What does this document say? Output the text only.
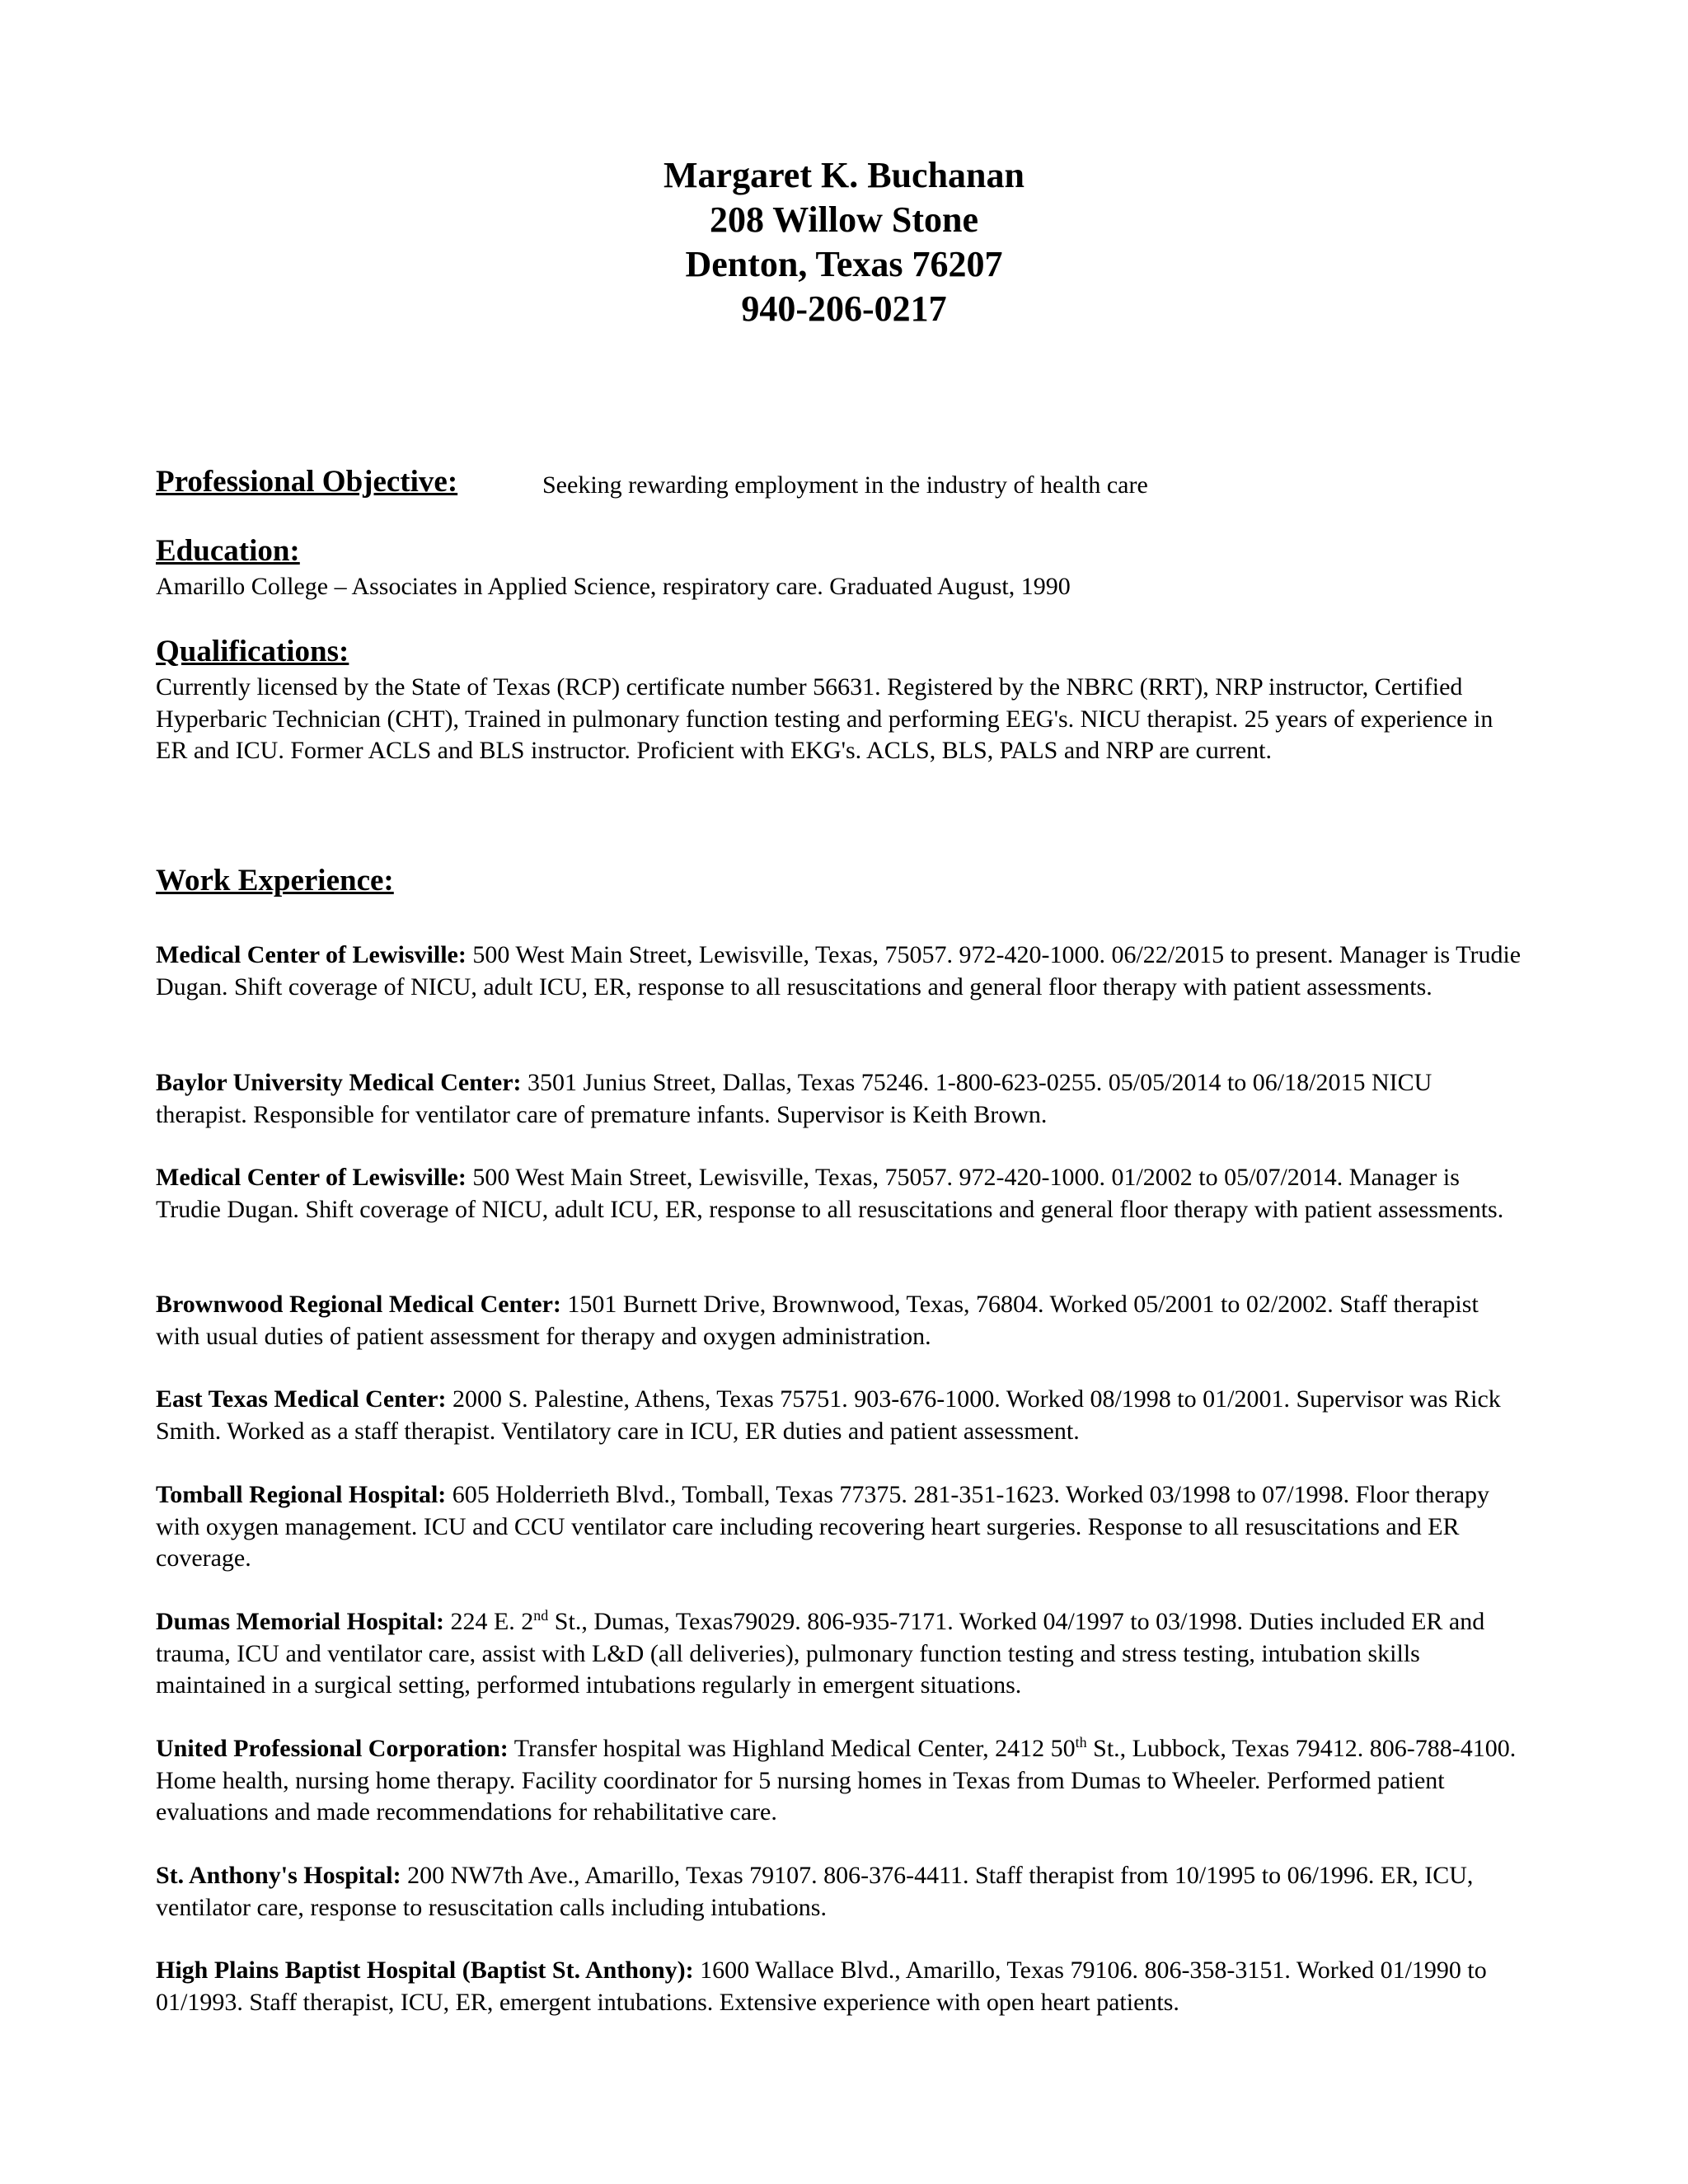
Margaret K. Buchanan
208 Willow Stone
Denton, Texas 76207
940-206-0217
Professional Objective:	Seeking rewarding employment in the industry of health care
Education:
Amarillo College – Associates in Applied Science, respiratory care. Graduated August, 1990
Qualifications:
Currently licensed by the State of Texas (RCP) certificate number 56631. Registered by the NBRC (RRT), NRP instructor, Certified Hyperbaric Technician (CHT), Trained in pulmonary function testing and performing EEG's. NICU therapist. 25 years of experience in ER and ICU. Former ACLS and BLS instructor. Proficient with EKG's. ACLS, BLS, PALS and NRP are current.
Work Experience:
Medical Center of Lewisville: 500 West Main Street, Lewisville, Texas, 75057. 972-420-1000. 06/22/2015 to present. Manager is Trudie Dugan. Shift coverage of NICU, adult ICU, ER, response to all resuscitations and general floor therapy with patient assessments.
Baylor University Medical Center: 3501 Junius Street, Dallas, Texas 75246. 1-800-623-0255. 05/05/2014 to 06/18/2015 NICU therapist. Responsible for ventilator care of premature infants. Supervisor is Keith Brown.
Medical Center of Lewisville: 500 West Main Street, Lewisville, Texas, 75057. 972-420-1000. 01/2002 to 05/07/2014. Manager is Trudie Dugan. Shift coverage of NICU, adult ICU, ER, response to all resuscitations and general floor therapy with patient assessments.
Brownwood Regional Medical Center: 1501 Burnett Drive, Brownwood, Texas, 76804. Worked 05/2001 to 02/2002. Staff therapist with usual duties of patient assessment for therapy and oxygen administration.
East Texas Medical Center: 2000 S. Palestine, Athens, Texas 75751. 903-676-1000. Worked 08/1998 to 01/2001. Supervisor was Rick Smith. Worked as a staff therapist. Ventilatory care in ICU, ER duties and patient assessment.
Tomball Regional Hospital: 605 Holderrieth Blvd., Tomball, Texas 77375. 281-351-1623. Worked 03/1998 to 07/1998. Floor therapy with oxygen management. ICU and CCU ventilator care including recovering heart surgeries. Response to all resuscitations and ER coverage.
Dumas Memorial Hospital: 224 E. 2nd St., Dumas, Texas79029. 806-935-7171. Worked 04/1997 to 03/1998. Duties included ER and trauma, ICU and ventilator care, assist with L&D (all deliveries), pulmonary function testing and stress testing, intubation skills maintained in a surgical setting, performed intubations regularly in emergent situations.
United Professional Corporation: Transfer hospital was Highland Medical Center, 2412 50th St., Lubbock, Texas 79412. 806-788-4100. Home health, nursing home therapy. Facility coordinator for 5 nursing homes in Texas from Dumas to Wheeler. Performed patient evaluations and made recommendations for rehabilitative care.
St. Anthony's Hospital: 200 NW7th Ave., Amarillo, Texas 79107. 806-376-4411. Staff therapist from 10/1995 to 06/1996. ER, ICU, ventilator care, response to resuscitation calls including intubations.
High Plains Baptist Hospital (Baptist St. Anthony): 1600 Wallace Blvd., Amarillo, Texas 79106. 806-358-3151. Worked 01/1990 to 01/1993. Staff therapist, ICU, ER, emergent intubations. Extensive experience with open heart patients.
